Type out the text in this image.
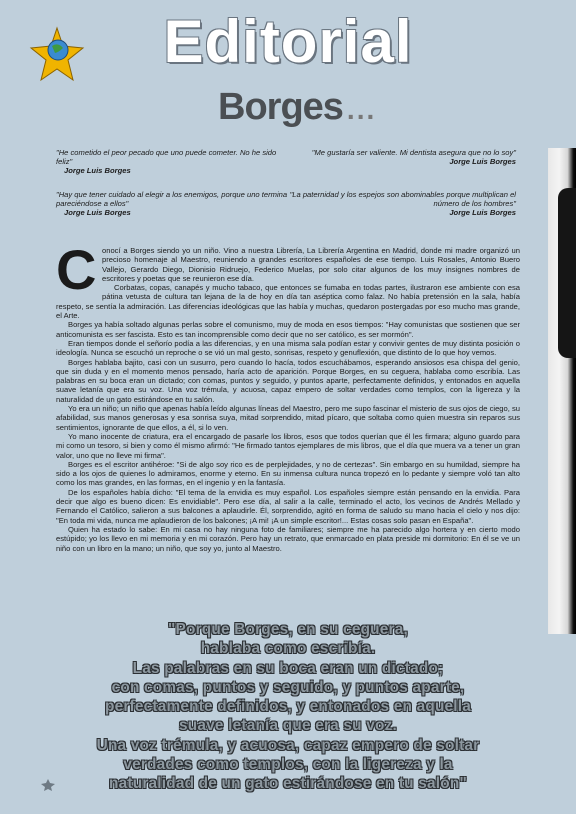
Editorial
Borges ...
"He cometido el peor pecado que uno puede cometer. No he sido feliz"
Jorge Luis Borges
"Me gustaría ser valiente. Mi dentista asegura que no lo soy"
Jorge Luis Borges
"Hay que tener cuidado al elegir a los enemigos, porque uno termina pareciéndose a ellos"
Jorge Luis Borges
"La paternidad y los espejos son abominables porque multiplican el número de los hombres"
Jorge Luis Borges

Conocí a Borges siendo yo un niño. Vino a nuestra Librería, La Librería Argentina en Madrid, donde mi madre organizó un precioso homenaje al Maestro, reuniendo a grandes escritores españoles de ese tiempo. Luis Rosales, Antonio Buero Vallejo, Gerardo Diego, Dionisio Ridruejo, Federico Muelas, por solo citar algunos de los muy insignes nombres de escritores y poetas que se reunieron ese día.

Corbatas, copas, canapés y mucho tabaco, que entonces se fumaba en todas partes, ilustraron ese ambiente con esa pátina vetusta de cultura tan lejana de la de hoy en día tan aséptica como falaz. No había pretensión en la sala, había respeto, se sentía la admiración. Las diferencias ideológicas que las había y muchas, quedaron postergadas por eso mucho mas grande, el Arte.

Borges ya había soltado algunas perlas sobre el comunismo, muy de moda en esos tiempos: "Hay comunistas que sostienen que ser anticomunista es ser fascista. Esto es tan incomprensible como decir que no ser católico, es ser mormón".

Eran tiempos donde el señorío podía a las diferencias, y en una misma sala podían estar y convivir gentes de muy distinta posición o ideología. Nunca se escuchó un reproche o se vió un mal gesto, sonrisas, respeto y genuflexión, que distinto de lo que hoy vemos.

Borges hablaba bajito, casi con un susurro, pero cuando lo hacía, todos escuchábamos, esperando ansiosos esa chispa del genio, que sin duda y en el momento menos pensado, haría acto de aparición. Porque Borges, en su ceguera, hablaba como escribía. Las palabras en su boca eran un dictado; con comas, puntos y seguido, y puntos aparte, perfectamente definidos, y entonados en aquella suave letanía que era su voz. Una voz trémula, y acuosa, capaz empero de soltar verdades como templos, con la ligereza y la naturalidad de un gato estirándose en tu salón.

Yo era un niño; un niño que apenas había leído algunas líneas del Maestro, pero me supo fascinar el misterio de sus ojos de ciego, su afabilidad, sus manos generosas y esa sonrisa suya, mitad sorprendido, mitad pícaro, que soltaba como quien muestra sin reparos sus sentimientos, ignorante de que ellos, a él, si lo ven.

Yo mano inocente de criatura, era el encargado de pasarle los libros, esos que todos querían que él les firmara; alguno guardo para mi como un tesoro, si bien y como él mismo afirmó: "He firmado tantos ejemplares de mis libros, que el día que muera va a tener un gran valor, uno que no lleve mi firma".

Borges es el escritor antihéroe: "Si de algo soy rico es de perplejidades, y no de certezas". Sin embargo en su humildad, siempre ha sido a los ojos de quienes lo admiramos, enorme y eterno. En su inmensa cultura nunca tropezó en lo pedante y siempre voló tan alto como los mas grandes, en las formas, en el ingenio y en la fantasía.

De los españoles había dicho: "El tema de la envidia es muy español. Los españoles siempre están pensando en la envidia. Para decir que algo es bueno dicen: Es envidiable". Pero ese día, al salir a la calle, terminado el acto, los vecinos de Andrés Mellado y Fernando el Católico, salieron a sus balcones a aplaudirle. Él, sorprendido, agitó en forma de saludo su mano hacia el cielo y nos dijo: "En toda mi vida, nunca me aplaudieron de los balcones; ¡A mi! ¡A un simple escritor!... Estas cosas solo pasan en España".

Quien ha estado lo sabe: En mi casa no hay ninguna foto de familiares; siempre me ha parecido algo hortera y en cierto modo estúpido; yo los llevo en mi memoria y en mi corazón. Pero hay un retrato, que enmarcado en plata preside mi dormitorio: En él se ve un niño con un libro en la mano; un niño, que soy yo, junto al Maestro.

"Porque Borges, en su ceguera,
hablaba como escribía.
Las palabras en su boca eran un dictado;
con comas, puntos y seguido, y puntos aparte,
perfectamente definidos, y entonados en aquella
suave letanía que era su voz.
Una voz trémula, y acuosa, capaz empero de soltar
verdades como templos, con la ligereza y la
naturalidad de un gato estirándose en tu salón"
